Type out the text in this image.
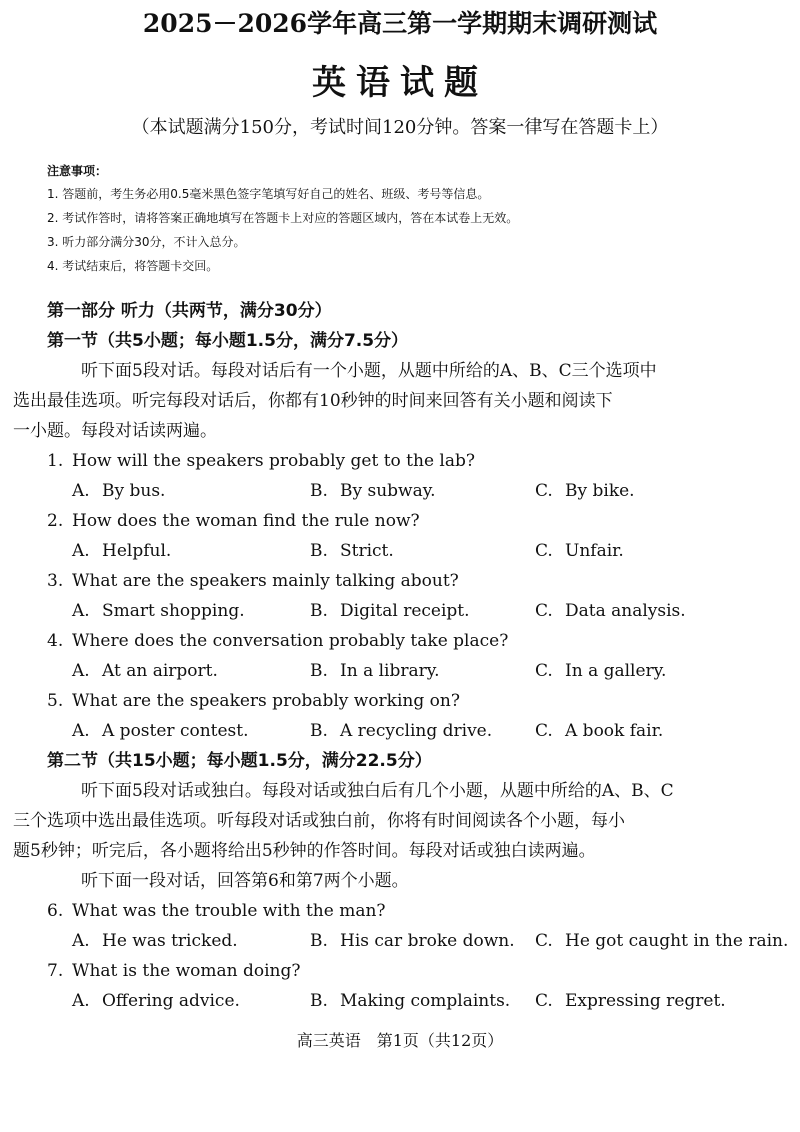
2025－2026学年高三第一学期期末调研测试
英语试题
（本试题满分150分，考试时间120分钟。答案一律写在答题卡上）
注意事项：
1. 答题前，考生务必用0.5毫米黑色签字笔填写好自己的姓名、班级、考号等信息。
2. 考试作答时，请将答案正确地填写在答题卡上对应的答题区域内，答在本试卷上无效。
3. 听力部分满分30分，不计入总分。
4. 考试结束后，将答题卡交回。
第一部分 听力（共两节，满分30分）
第一节（共5小题；每小题1.5分，满分7.5分）
听下面5段对话。每段对话后有一个小题，从题中所给的A、B、C三个选项中
选出最佳选项。听完每段对话后，你都有10秒钟的时间来回答有关小题和阅读下
一小题。每段对话读两遍。
1. How will the speakers probably get to the lab?
A. By bus.	B. By subway.	C. By bike.
2. How does the woman find the rule now?
A. Helpful.	B. Strict.	C. Unfair.
3. What are the speakers mainly talking about?
A. Smart shopping.	B. Digital receipt.	C. Data analysis.
4. Where does the conversation probably take place?
A. At an airport.	B. In a library.	C. In a gallery.
5. What are the speakers probably working on?
A. A poster contest.	B. A recycling drive.	C. A book fair.
第二节（共15小题；每小题1.5分，满分22.5分）
听下面5段对话或独白。每段对话或独白后有几个小题，从题中所给的A、B、C
三个选项中选出最佳选项。听每段对话或独白前，你将有时间阅读各个小题，每小
题5秒钟；听完后，各小题将给出5秒钟的作答时间。每段对话或独白读两遍。
听下面一段对话，回答第6和第7两个小题。
6. What was the trouble with the man?
A. He was tricked.	B. His car broke down. C. He got caught in the rain.
7. What is the woman doing?
A. Offering advice.	B. Making complaints. C. Expressing regret.
高三英语 第1页（共12页）
